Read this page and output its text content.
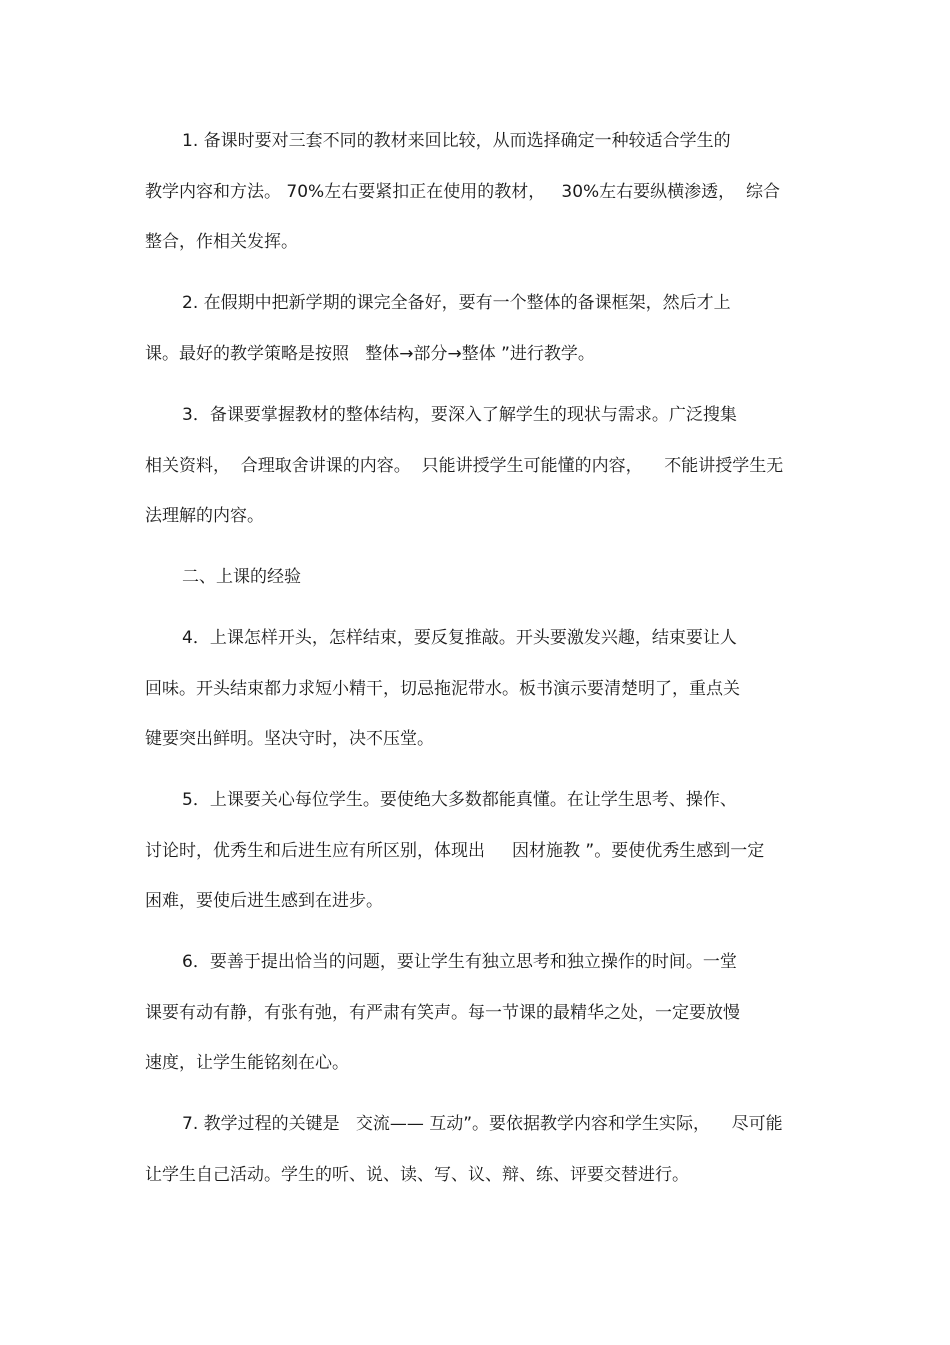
1. 备课时要对三套不同的教材来回比较，从而选择确定一种较适合学生的
教学内容和方法。 70%左右要紧扣正在使用的教材，   30%左右要纵横渗透，  综合
整合，作相关发挥。
2. 在假期中把新学期的课完全备好，要有一个整体的备课框架，然后才上
课。最好的教学策略是按照   整体→部分→整体 ”进行教学。
3．备课要掌握教材的整体结构，要深入了解学生的现状与需求。广泛搜集
相关资料，  合理取舍讲课的内容。  只能讲授学生可能懂的内容，    不能讲授学生无
法理解的内容。
二、上课的经验
4．上课怎样开头，怎样结束，要反复推敲。开头要激发兴趣，结束要让人
回味。开头结束都力求短小精干，切忌拖泥带水。板书演示要清楚明了，重点关
键要突出鲜明。坚决守时，决不压堂。
5．上课要关心每位学生。要使绝大多数都能真懂。在让学生思考、操作、
讨论时，优秀生和后进生应有所区别，体现出     因材施教 ”。要使优秀生感到一定
困难，要使后进生感到在进步。
6．要善于提出恰当的问题，要让学生有独立思考和独立操作的时间。一堂
课要有动有静，有张有弛，有严肃有笑声。每一节课的最精华之处，一定要放慢
速度，让学生能铭刻在心。
7. 教学过程的关键是   交流—— 互动”。要依据教学内容和学生实际，    尽可能
让学生自己活动。学生的听、说、读、写、议、辩、练、评要交替进行。
